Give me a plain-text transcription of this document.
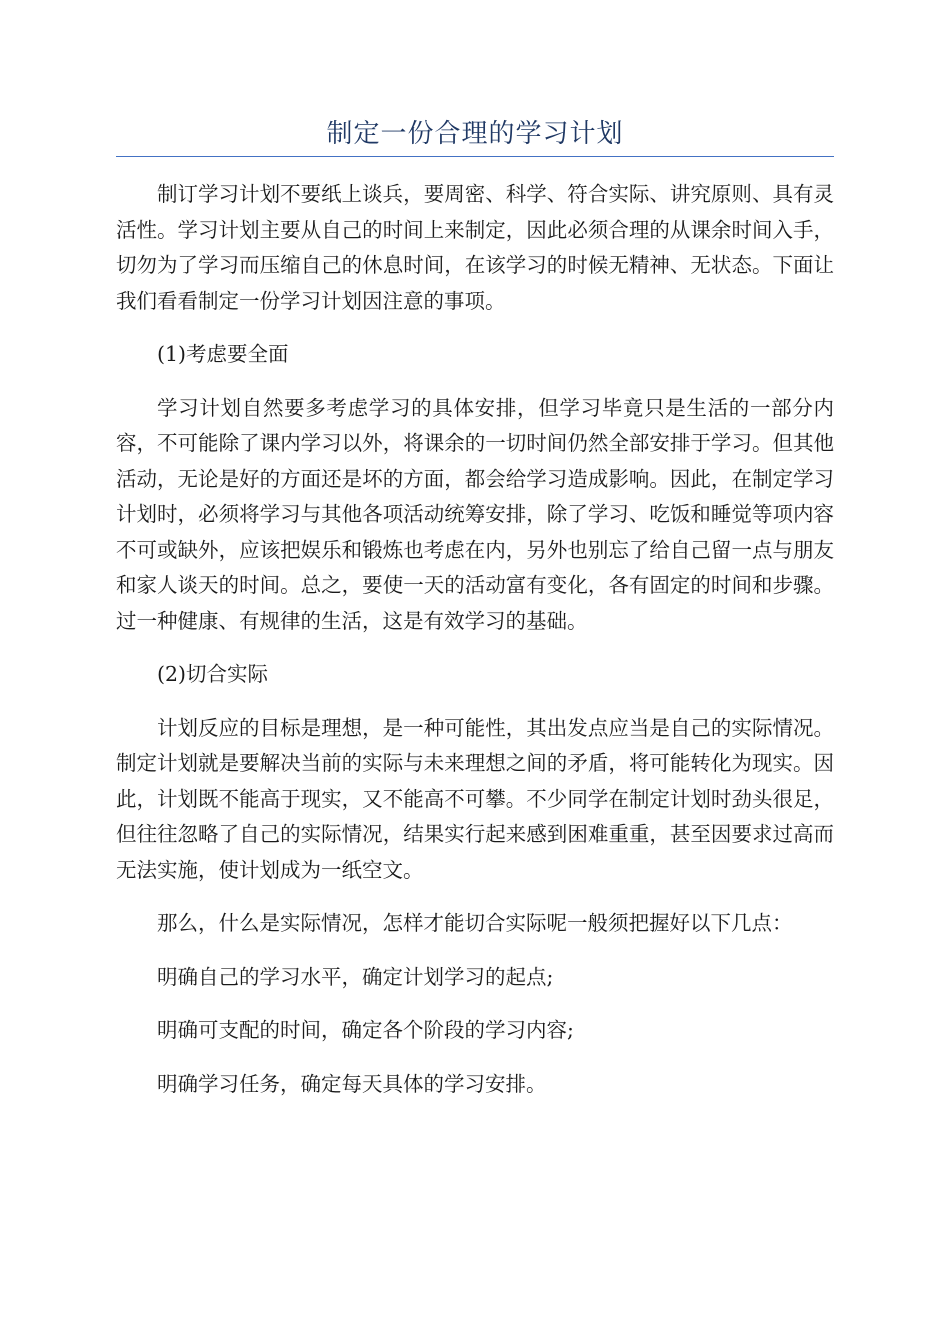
制定一份合理的学习计划

制订学习计划不要纸上谈兵，要周密、科学、符合实际、讲究原则、具有灵活性。学习计划主要从自己的时间上来制定，因此必须合理的从课余时间入手，切勿为了学习而压缩自己的休息时间，在该学习的时候无精神、无状态。下面让我们看看制定一份学习计划因注意的事项。

(1)考虑要全面

学习计划自然要多考虑学习的具体安排，但学习毕竟只是生活的一部分内容，不可能除了课内学习以外，将课余的一切时间仍然全部安排于学习。但其他活动，无论是好的方面还是坏的方面，都会给学习造成影响。因此，在制定学习计划时，必须将学习与其他各项活动统筹安排，除了学习、吃饭和睡觉等项内容不可或缺外，应该把娱乐和锻炼也考虑在内，另外也别忘了给自己留一点与朋友和家人谈天的时间。总之，要使一天的活动富有变化，各有固定的时间和步骤。过一种健康、有规律的生活，这是有效学习的基础。

(2)切合实际

计划反应的目标是理想，是一种可能性，其出发点应当是自己的实际情况。制定计划就是要解决当前的实际与未来理想之间的矛盾，将可能转化为现实。因此，计划既不能高于现实，又不能高不可攀。不少同学在制定计划时劲头很足，但往往忽略了自己的实际情况，结果实行起来感到困难重重，甚至因要求过高而无法实施，使计划成为一纸空文。

那么，什么是实际情况，怎样才能切合实际呢一般须把握好以下几点：

明确自己的学习水平，确定计划学习的起点;

明确可支配的时间，确定各个阶段的学习内容;

明确学习任务，确定每天具体的学习安排。
